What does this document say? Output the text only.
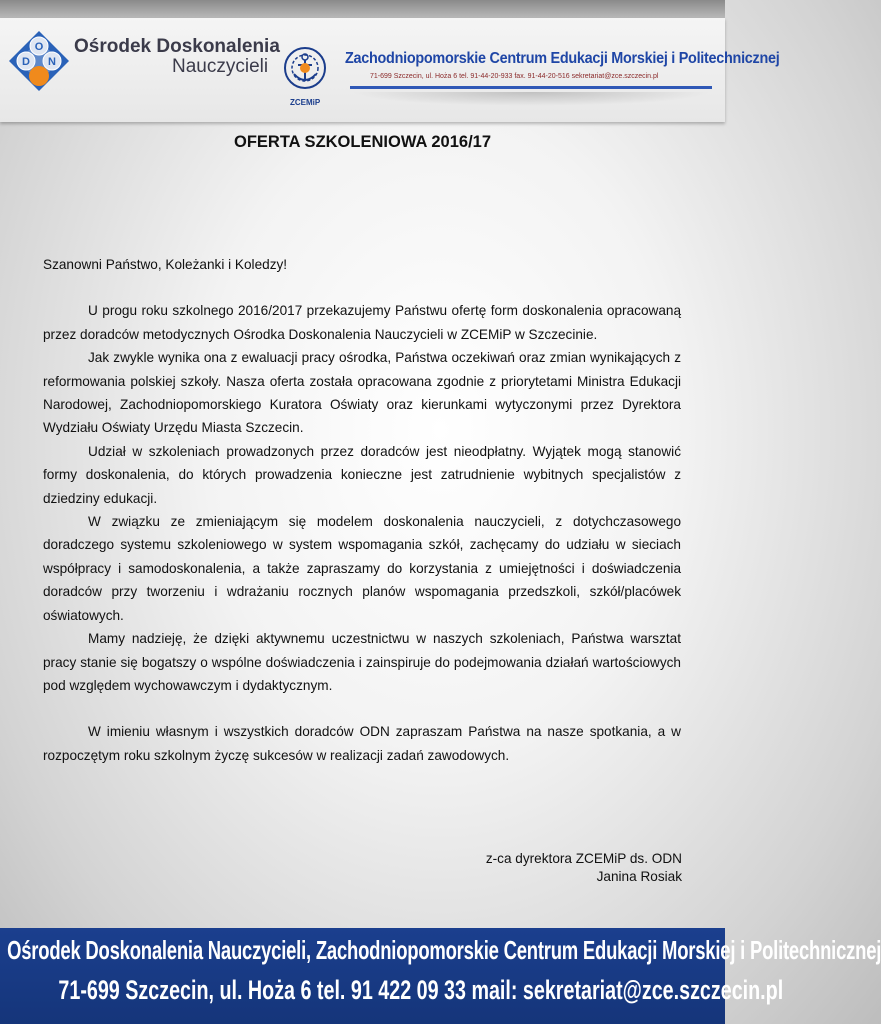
O
D N
Ośrodek Doskonalenia
Nauczycieli
ZCEMiP
Zachodniopomorskie Centrum Edukacji Morskiej i Politechnicznej
71-699 Szczecin, ul. Hoża 6 tel. 91-44-20-933 fax. 91-44-20-516 sekretariat@zce.szczecin.pl
OFERTA SZKOLENIOWA 2016/17

Szanowni Państwo, Koleżanki i Koledzy!

U progu roku szkolnego 2016/2017 przekazujemy Państwu ofertę form doskonalenia opracowaną przez doradców metodycznych Ośrodka Doskonalenia Nauczycieli w ZCEMiP w Szczecinie.

Jak zwykle wynika ona z ewaluacji pracy ośrodka, Państwa oczekiwań oraz zmian wynikających z reformowania polskiej szkoły. Nasza oferta została opracowana zgodnie z priorytetami Ministra Edukacji Narodowej, Zachodniopomorskiego Kuratora Oświaty oraz kierunkami wytyczonymi przez Dyrektora Wydziału Oświaty Urzędu Miasta Szczecin.

Udział w szkoleniach prowadzonych przez doradców jest nieodpłatny. Wyjątek mogą stanowić formy doskonalenia, do których prowadzenia konieczne jest zatrudnienie wybitnych specjalistów z dziedziny edukacji.

W związku ze zmieniającym się modelem doskonalenia nauczycieli, z dotychczasowego doradczego systemu szkoleniowego w system wspomagania szkół, zachęcamy do udziału w sieciach współpracy i samodoskonalenia, a także zapraszamy do korzystania z umiejętności i doświadczenia doradców przy tworzeniu i wdrażaniu rocznych planów wspomagania przedszkoli, szkół/placówek oświatowych.

Mamy nadzieję, że dzięki aktywnemu uczestnictwu w naszych szkoleniach, Państwa warsztat pracy stanie się bogatszy o wspólne doświadczenia i zainspiruje do podejmowania działań wartościowych pod względem wychowawczym i dydaktycznym.

W imieniu własnym i wszystkich doradców ODN zapraszam Państwa na nasze spotkania, a w rozpoczętym roku szkolnym życzę sukcesów w realizacji zadań zawodowych.

z-ca dyrektora ZCEMiP ds. ODN
Janina Rosiak
Ośrodek Doskonalenia Nauczycieli, Zachodniopomorskie Centrum Edukacji Morskiej i Politechnicznej
71-699 Szczecin, ul. Hoża 6 tel. 91 422 09 33 mail: sekretariat@zce.szczecin.pl
